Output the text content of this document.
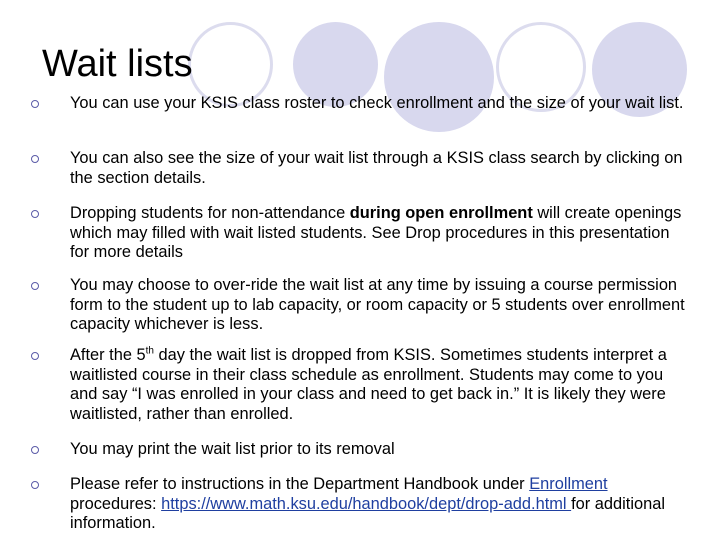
Wait lists
You can use your KSIS class roster to check enrollment and the size of your wait list.
You can also see the size of your wait list through a KSIS class search by clicking on the section details.
Dropping students for non-attendance during open enrollment will create openings which may filled with wait listed students. See Drop procedures in this presentation for more details
You may choose to over-ride the wait list at any time by issuing a course permission form to the student up to lab capacity, or room capacity or 5 students over enrollment capacity whichever is less.
After the 5th day the wait list is dropped from KSIS. Sometimes students interpret a waitlisted course in their class schedule as enrollment. Students may come to you and say “I was enrolled in your class and need to get back in.” It is likely they were waitlisted, rather than enrolled.
You may print the wait list prior to its removal
Please refer to instructions in the Department Handbook under Enrollment procedures: https://www.math.ksu.edu/handbook/dept/drop-add.html for additional information.
